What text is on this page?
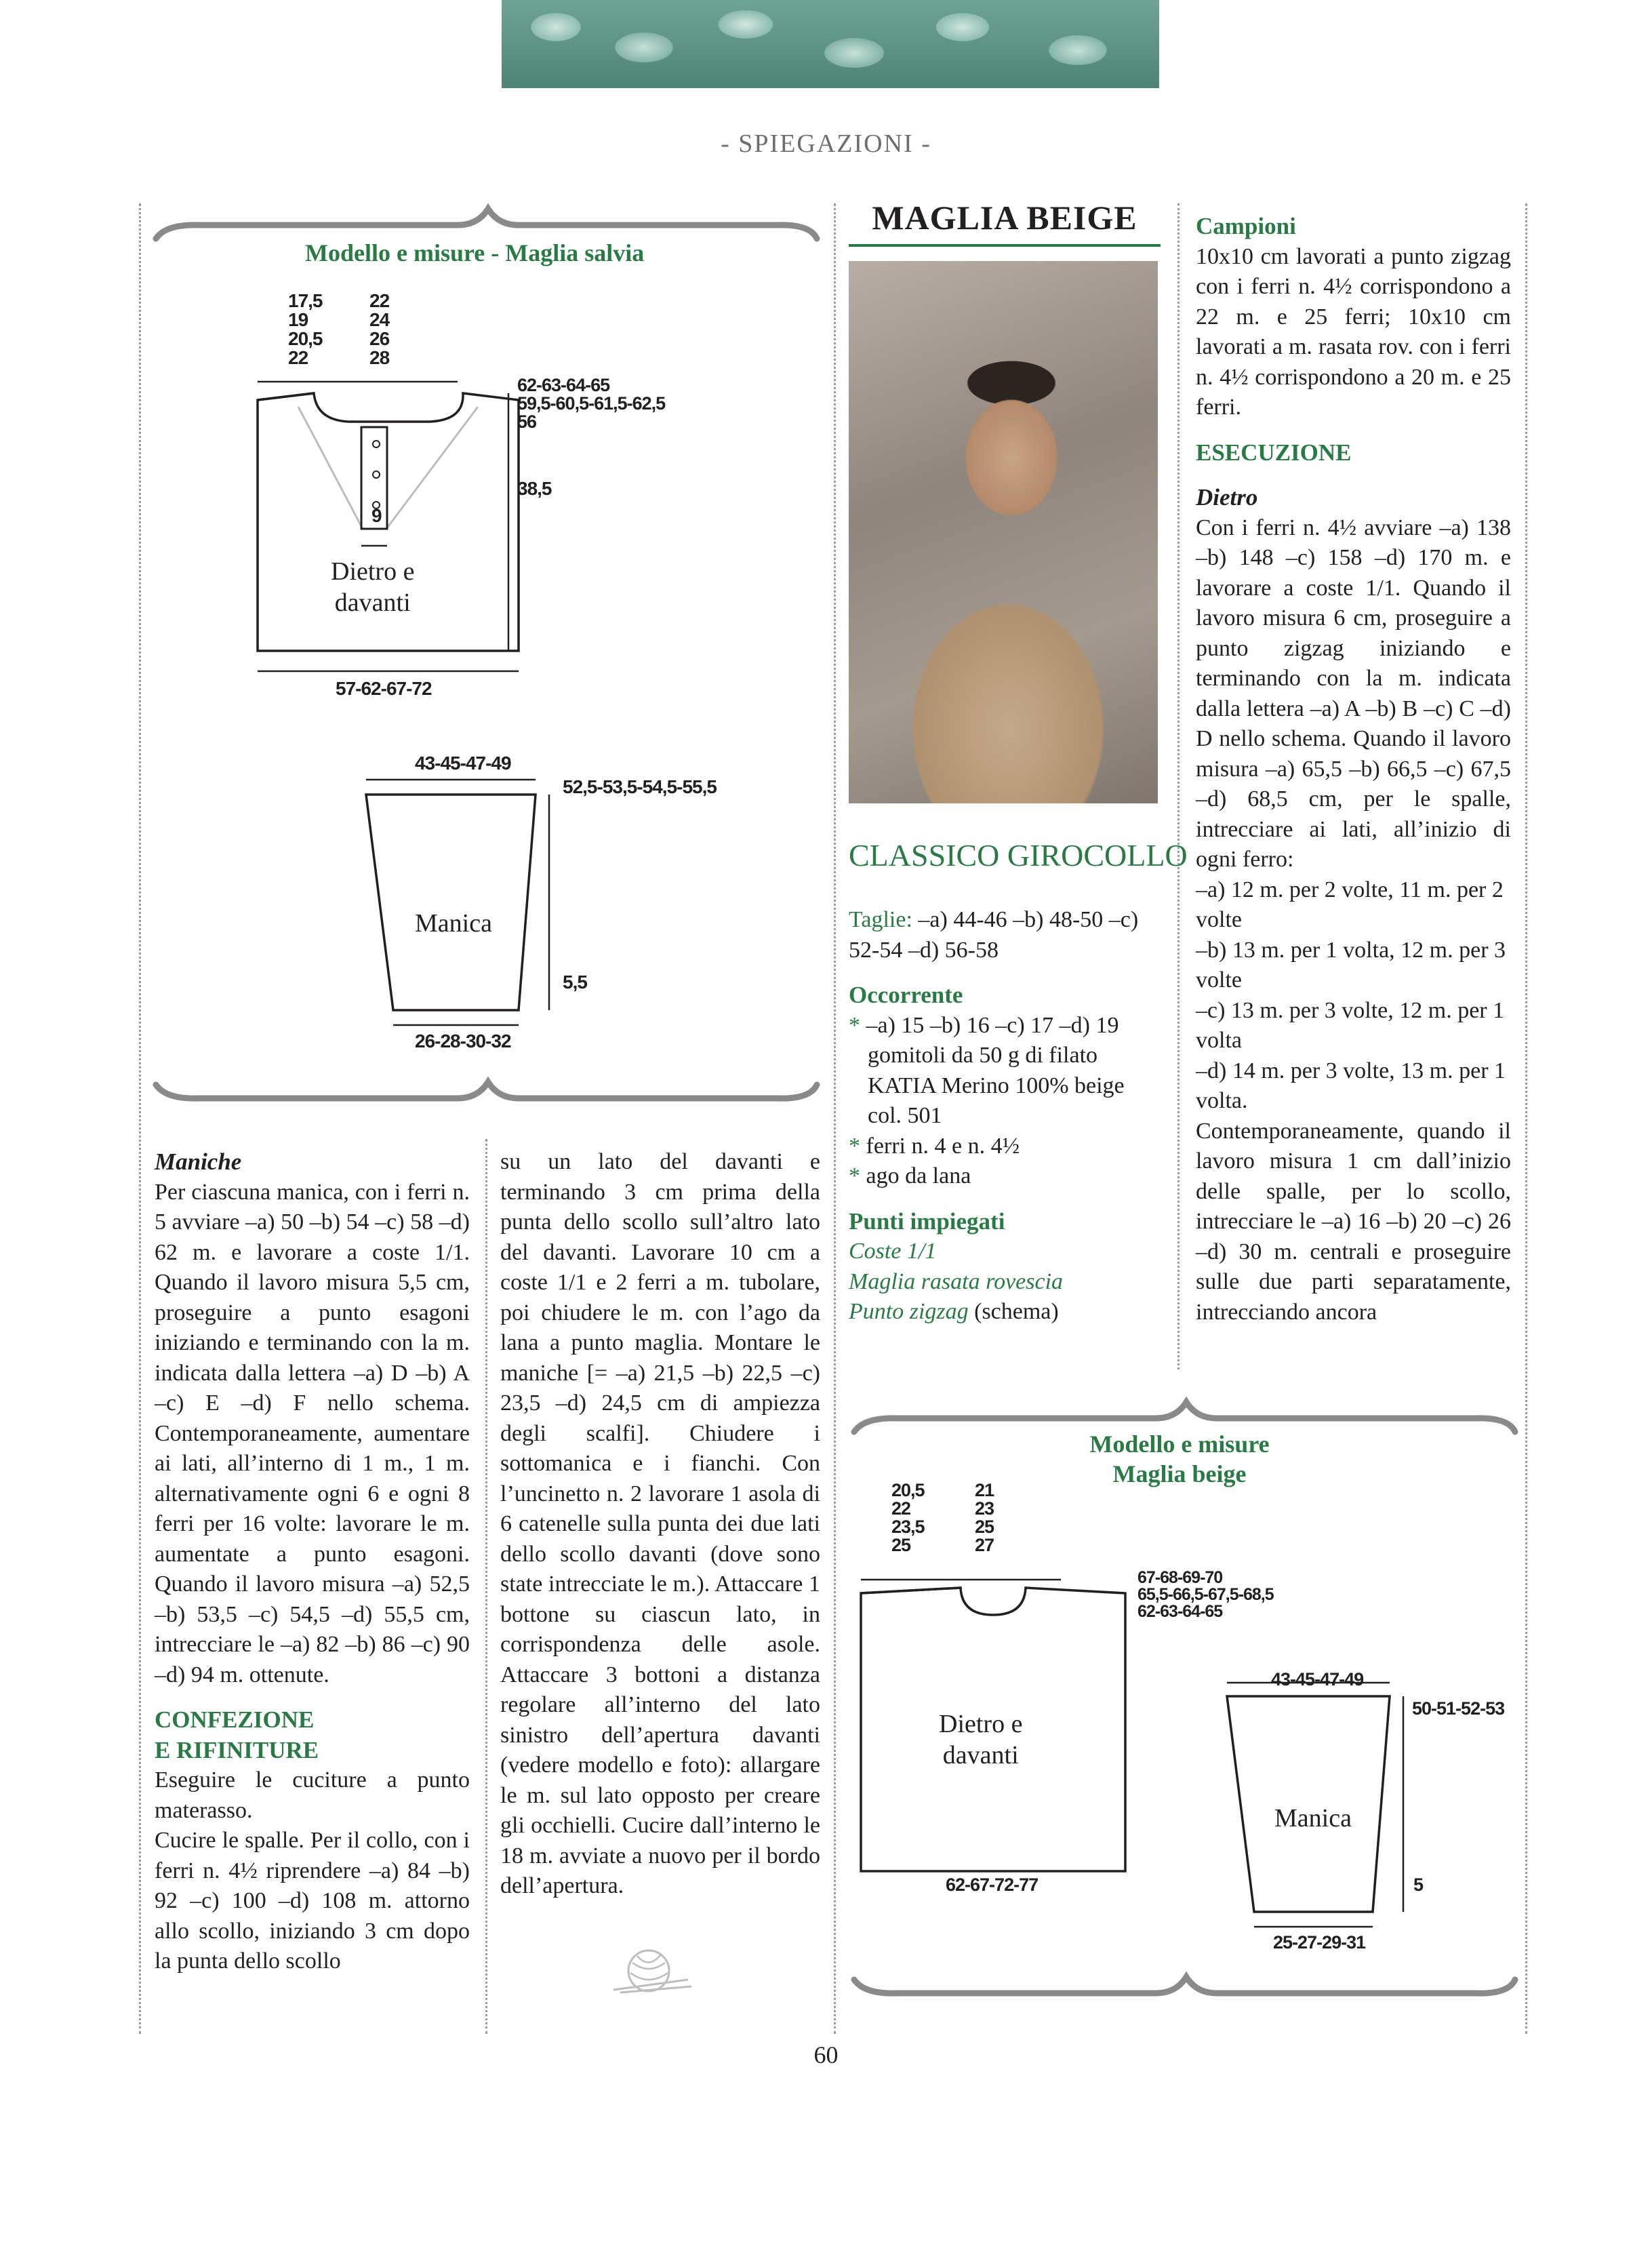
- SPIEGAZIONI -
Modello e misure - Maglia salvia
17,5
19
20,5
22
22
24
26
28
62-63-64-65
59,5-60,5-61,5-62,5
56
38,5
9
Dietro e
davanti
57-62-67-72
43-45-47-49
52,5-53,5-54,5-55,5
Manica
5,5
26-28-30-32

Maniche

Per ciascuna manica, con i ferri n. 5 avviare –a) 50 –b) 54 –c) 58 –d) 62 m. e lavorare a coste 1/1. Quando il lavoro misura 5,5 cm, proseguire a punto esagoni iniziando e terminando con la m. indicata dalla lettera –a) D –b) A –c) E –d) F nello schema. Contemporaneamente, aumentare ai lati, all’interno di 1 m., 1 m. alternativamente ogni 6 e ogni 8 ferri per 16 volte: lavorare le m. aumentate a punto esagoni. Quando il lavoro misura –a) 52,5 –b) 53,5 –c) 54,5 –d) 55,5 cm, intrecciare le –a) 82 –b) 86 –c) 90 –d) 94 m. ottenute.

CONFEZIONE

E RIFINITURE

Eseguire le cuciture a punto materasso.

Cucire le spalle. Per il collo, con i ferri n. 4½ riprendere –a) 84 –b) 92 –c) 100 –d) 108 m. attorno allo scollo, iniziando 3 cm dopo la punta dello scollo

su un lato del davanti e terminando 3 cm prima della punta dello scollo sull’altro lato del davanti. Lavorare 10 cm a coste 1/1 e 2 ferri a m. tubolare, poi chiudere le m. con l’ago da lana a punto maglia. Montare le maniche [= –a) 21,5 –b) 22,5 –c) 23,5 –d) 24,5 cm di ampiezza degli scalfi]. Chiudere i sottomanica e i fianchi. Con l’uncinetto n. 2 lavorare 1 asola di 6 catenelle sulla punta dei due lati dello scollo davanti (dove sono state intrecciate le m.). Attaccare 1 bottone su ciascun lato, in corrispondenza delle asole. Attaccare 3 bottoni a distanza regolare all’interno del lato sinistro dell’apertura davanti (vedere modello e foto): allargare le m. sul lato opposto per creare gli occhielli. Cucire dall’interno le 18 m. avviate a nuovo per il bordo dell’apertura.

MAGLIA BEIGE
CLASSICO GIROCOLLO

Taglie: –a) 44-46 –b) 48-50 –c) 52-54 –d) 56-58

Occorrente

* –a) 15 –b) 16 –c) 17 –d) 19 gomitoli da 50 g di filato KATIA Merino 100% beige col. 501

* ferri n. 4 e n. 4½

* ago da lana

Punti impiegati

Coste 1/1

Maglia rasata rovescia

Punto zigzag (schema)

Campioni

10x10 cm lavorati a punto zigzag con i ferri n. 4½ corrispondono a 22 m. e 25 ferri; 10x10 cm lavorati a m. rasata rov. con i ferri n. 4½ corrispondono a 20 m. e 25 ferri.

ESECUZIONE

Dietro

Con i ferri n. 4½ avviare –a) 138 –b) 148 –c) 158 –d) 170 m. e lavorare a coste 1/1. Quando il lavoro misura 6 cm, proseguire a punto zigzag iniziando e terminando con la m. indicata dalla lettera –a) A –b) B –c) C –d) D nello schema. Quando il lavoro misura –a) 65,5 –b) 66,5 –c) 67,5 –d) 68,5 cm, per le spalle, intrecciare ai lati, all’inizio di ogni ferro:

–a) 12 m. per 2 volte, 11 m. per 2 volte

–b) 13 m. per 1 volta, 12 m. per 3 volte

–c) 13 m. per 3 volte, 12 m. per 1 volta

–d) 14 m. per 3 volte, 13 m. per 1 volta.

Contemporaneamente, quando il lavoro misura 1 cm dall’inizio delle spalle, per lo scollo, intrecciare le –a) 16 –b) 20 –c) 26 –d) 30 m. centrali e proseguire sulle due parti separatamente, intrecciando ancora

Modello e misure
Maglia beige
20,5
22
23,5
25
21
23
25
27
67-68-69-70
65,5-66,5-67,5-68,5
62-63-64-65
Dietro e
davanti
62-67-72-77
43-45-47-49
50-51-52-53
Manica
5
25-27-29-31
60
